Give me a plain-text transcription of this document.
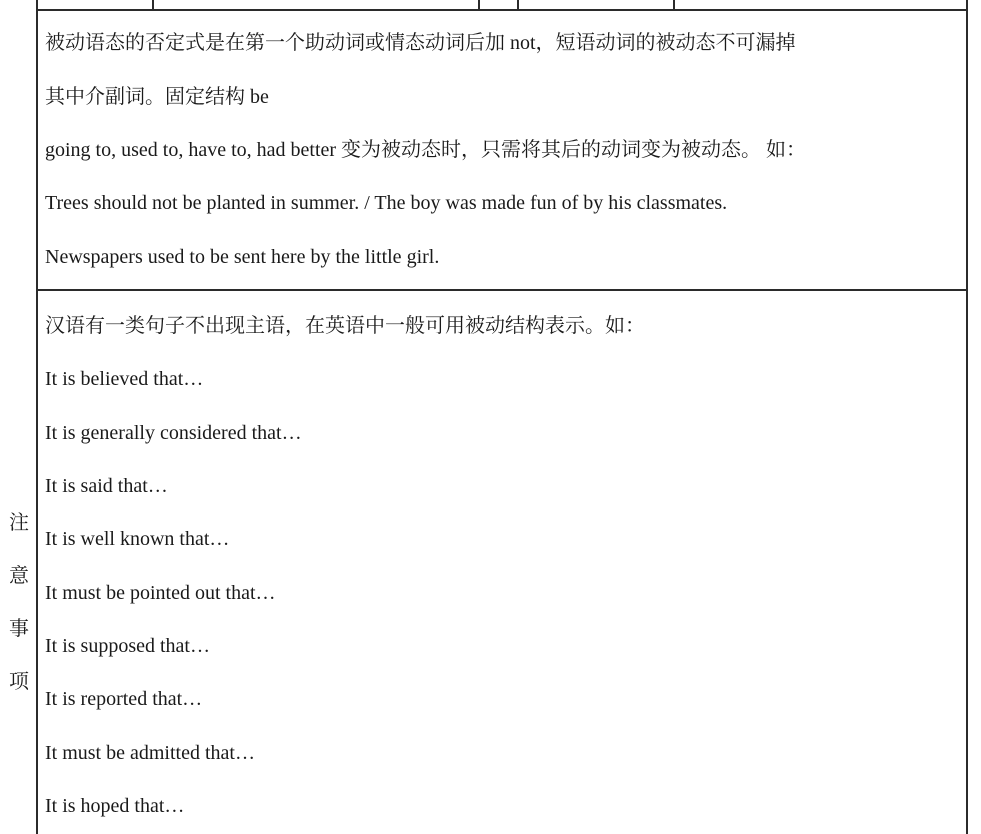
注
意
事
项
被动语态的否定式是在第一个助动词或情态动词后加 not，短语动词的被动态不可漏掉
其中介副词。固定结构 be
going to, used to, have to, had better 变为被动态时，只需将其后的动词变为被动态。 如：
Trees should not be planted in summer. / The boy was made fun of by his classmates.
Newspapers used to be sent here by the little girl.
汉语有一类句子不出现主语，在英语中一般可用被动结构表示。如：
It is believed that…
It is generally considered that…
It is said that…
It is well known that…
It must be pointed out that…
It is supposed that…
It is reported that…
It must be admitted that…
It is hoped that…
